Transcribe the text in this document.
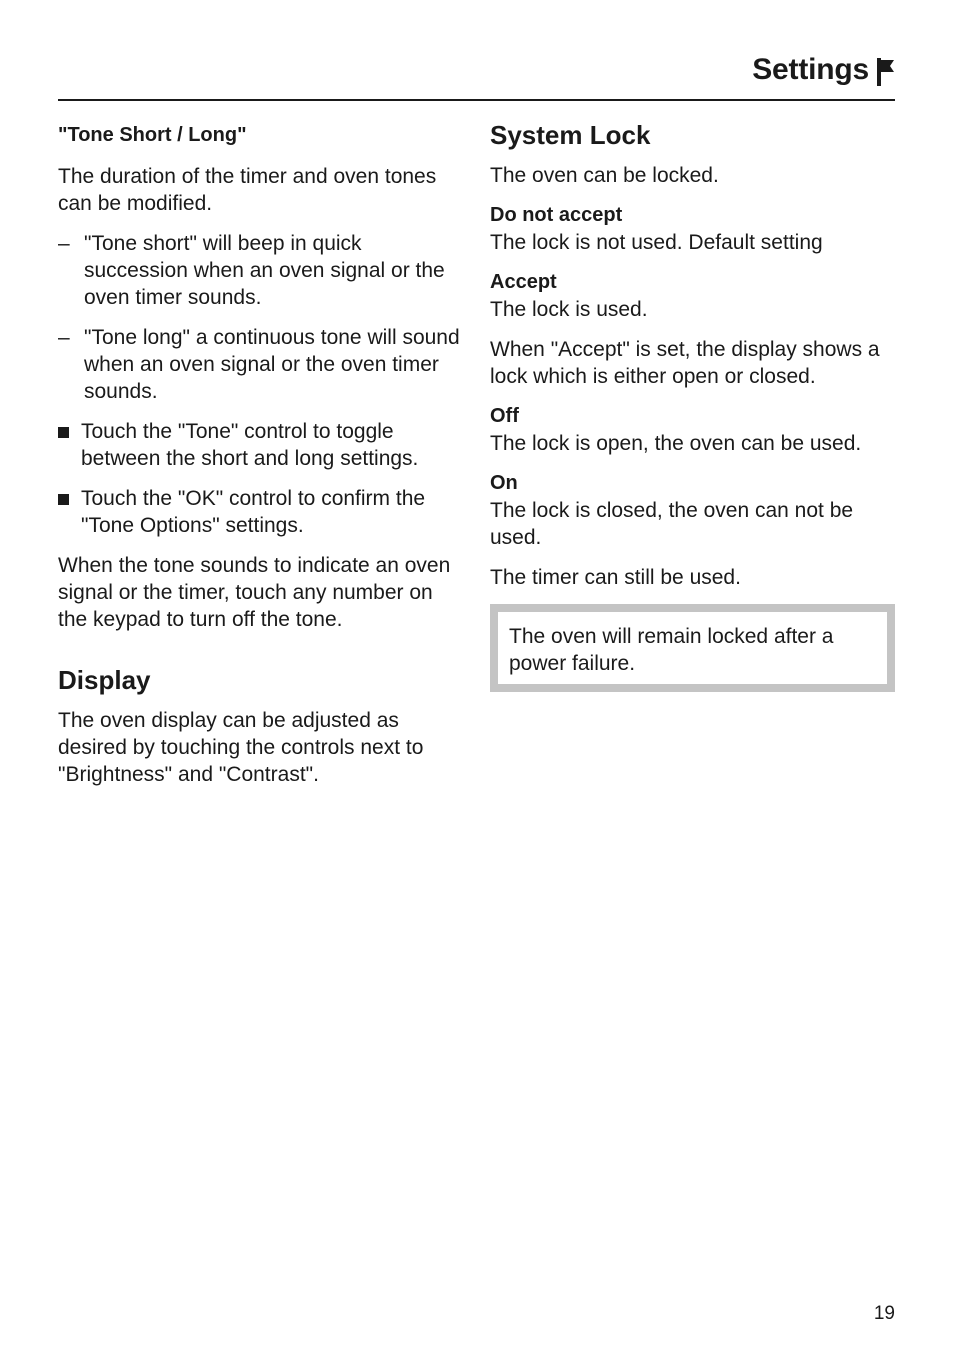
Settings
"Tone Short / Long"

The duration of the timer and oven tones can be modified.

– "Tone short" will beep in quick succession when an oven signal or the oven timer sounds.
– "Tone long" a continuous tone will sound when an oven signal or the oven timer sounds.
Touch the "Tone" control to toggle between the short and long settings.
Touch the "OK" control to confirm the "Tone Options" settings.

When the tone sounds to indicate an oven signal or the timer, touch any number on the keypad to turn off the tone.

Display

The oven display can be adjusted as desired by touching the controls next to "Brightness" and "Contrast".

System Lock

The oven can be locked.

Do not accept
The lock is not used. Default setting
Accept
The lock is used.

When "Accept" is set, the display shows a lock which is either open or closed.

Off
The lock is open, the oven can be used.
On
The lock is closed, the oven can not be used.

The timer can still be used.

The oven will remain locked after a power failure.
19
